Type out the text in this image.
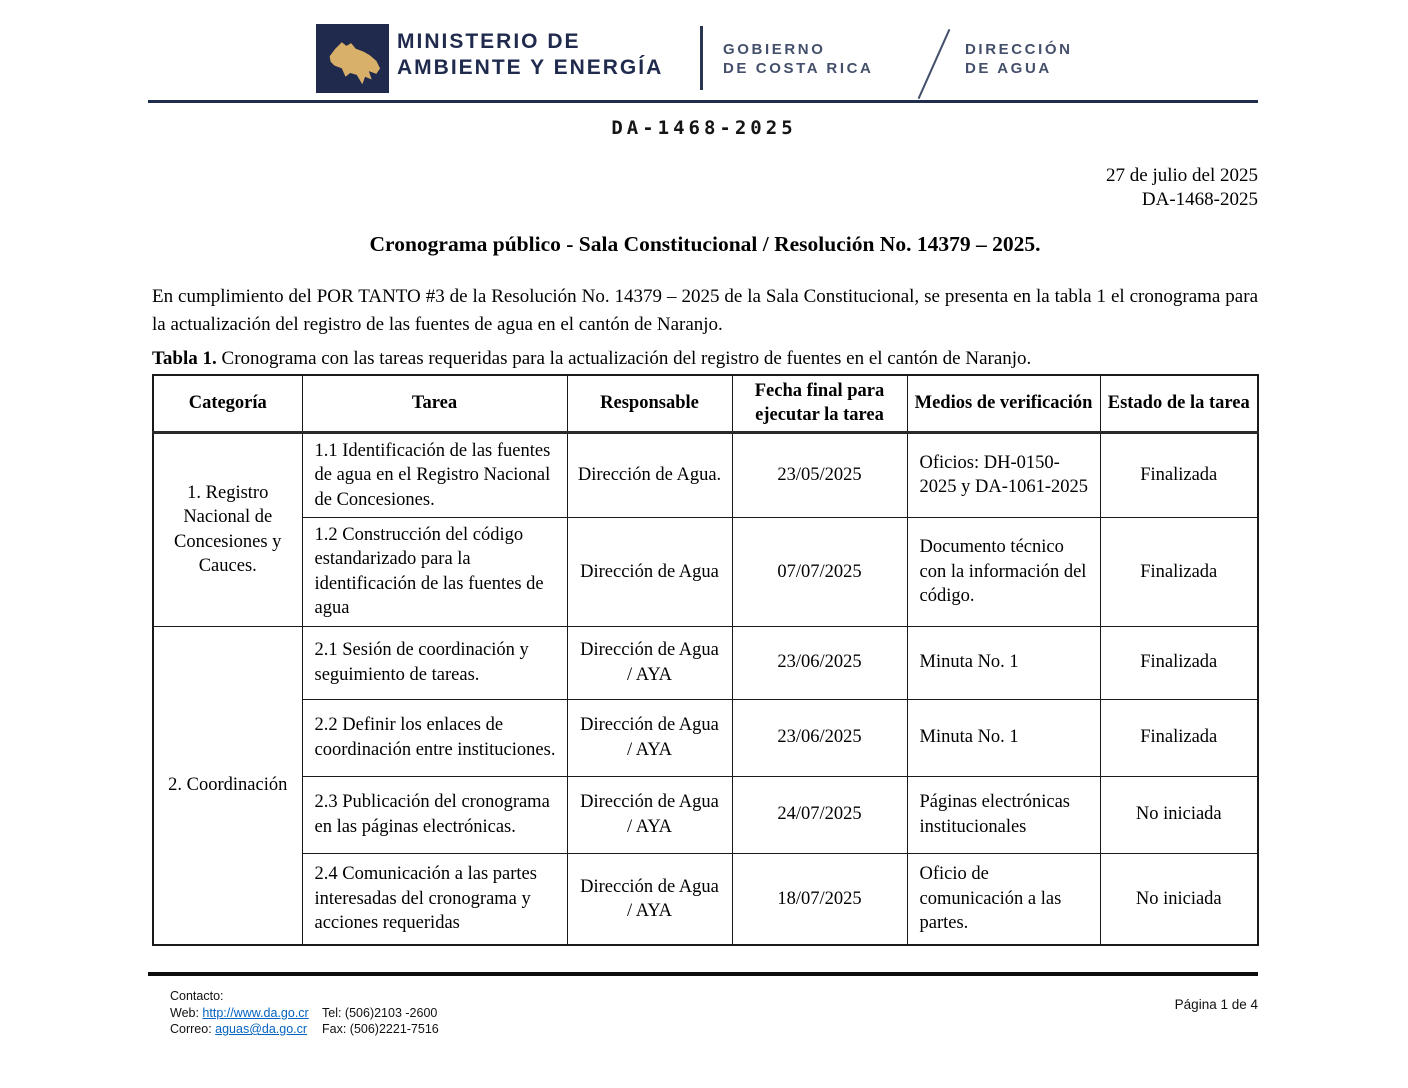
MINISTERIO DE
AMBIENTE Y ENERGÍA
GOBIERNO
DE COSTA RICA
DIRECCIÓN
DE AGUA
DA-1468-2025
27 de julio del 2025
DA-1468-2025
Cronograma público - Sala Constitucional / Resolución No. 14379 – 2025.
En cumplimiento del POR TANTO #3 de la Resolución No. 14379 – 2025 de la Sala Constitucional, se presenta en la tabla 1 el cronograma para la actualización del registro de las fuentes de agua en el cantón de Naranjo.
Tabla 1. Cronograma con las tareas requeridas para la actualización del registro de fuentes en el cantón de Naranjo.
Categoría	Tarea	Responsable	Fecha final para ejecutar la tarea	Medios de verificación	Estado de la tarea
1. Registro Nacional de Concesiones y Cauces.	1.1 Identificación de las fuentes de agua en el Registro Nacional de Concesiones.	Dirección de Agua.	23/05/2025	Oficios: DH-0150-2025 y DA-1061-2025	Finalizada
	1.2 Construcción del código estandarizado para la identificación de las fuentes de agua	Dirección de Agua	07/07/2025	Documento técnico con la información del código.	Finalizada
2. Coordinación	2.1 Sesión de coordinación y seguimiento de tareas.	Dirección de Agua / AYA	23/06/2025	Minuta No. 1	Finalizada
	2.2 Definir los enlaces de coordinación entre instituciones.	Dirección de Agua / AYA	23/06/2025	Minuta No. 1	Finalizada
	2.3 Publicación del cronograma en las páginas electrónicas.	Dirección de Agua / AYA	24/07/2025	Páginas electrónicas institucionales	No iniciada
	2.4 Comunicación a las partes interesadas del cronograma y acciones requeridas	Dirección de Agua / AYA	18/07/2025	Oficio de comunicación a las partes.	No iniciada
Contacto:
Web: http://www.da.go.cr	Tel: (506)2103 -2600
Correo: aguas@da.go.cr	Fax: (506)2221-7516
Página 1 de 4
